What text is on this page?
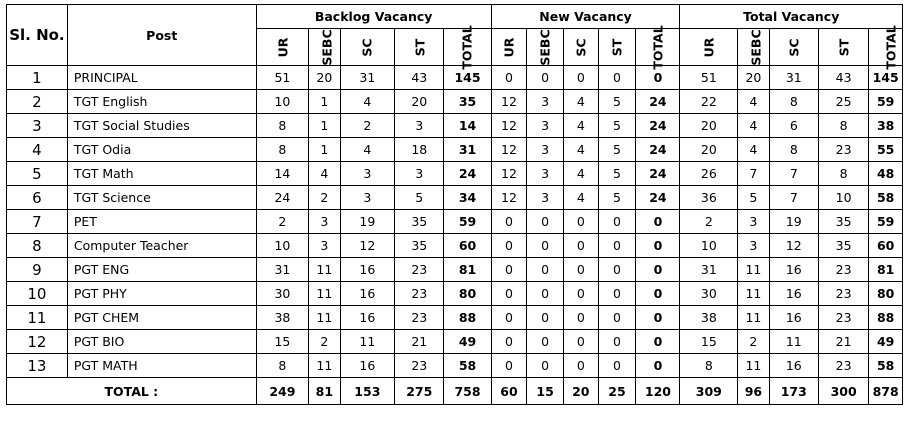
Sl. No.	Post	Backlog Vacancy					New Vacancy					Total Vacancy				
		UR	SEBC	SC	ST	TOTAL	UR	SEBC	SC	ST	TOTAL	UR	SEBC	SC	ST	TOTAL
1	PRINCIPAL	51	20	31	43	145	0	0	0	0	0	51	20	31	43	145
2	TGT English	10	1	4	20	35	12	3	4	5	24	22	4	8	25	59
3	TGT Social Studies	8	1	2	3	14	12	3	4	5	24	20	4	6	8	38
4	TGT Odia	8	1	4	18	31	12	3	4	5	24	20	4	8	23	55
5	TGT Math	14	4	3	3	24	12	3	4	5	24	26	7	7	8	48
6	TGT Science	24	2	3	5	34	12	3	4	5	24	36	5	7	10	58
7	PET	2	3	19	35	59	0	0	0	0	0	2	3	19	35	59
8	Computer Teacher	10	3	12	35	60	0	0	0	0	0	10	3	12	35	60
9	PGT ENG	31	11	16	23	81	0	0	0	0	0	31	11	16	23	81
10	PGT PHY	30	11	16	23	80	0	0	0	0	0	30	11	16	23	80
11	PGT CHEM	38	11	16	23	88	0	0	0	0	0	38	11	16	23	88
12	PGT BIO	15	2	11	21	49	0	0	0	0	0	15	2	11	21	49
13	PGT MATH	8	11	16	23	58	0	0	0	0	0	8	11	16	23	58
TOTAL :		249	81	153	275	758	60	15	20	25	120	309	96	173	300	878
